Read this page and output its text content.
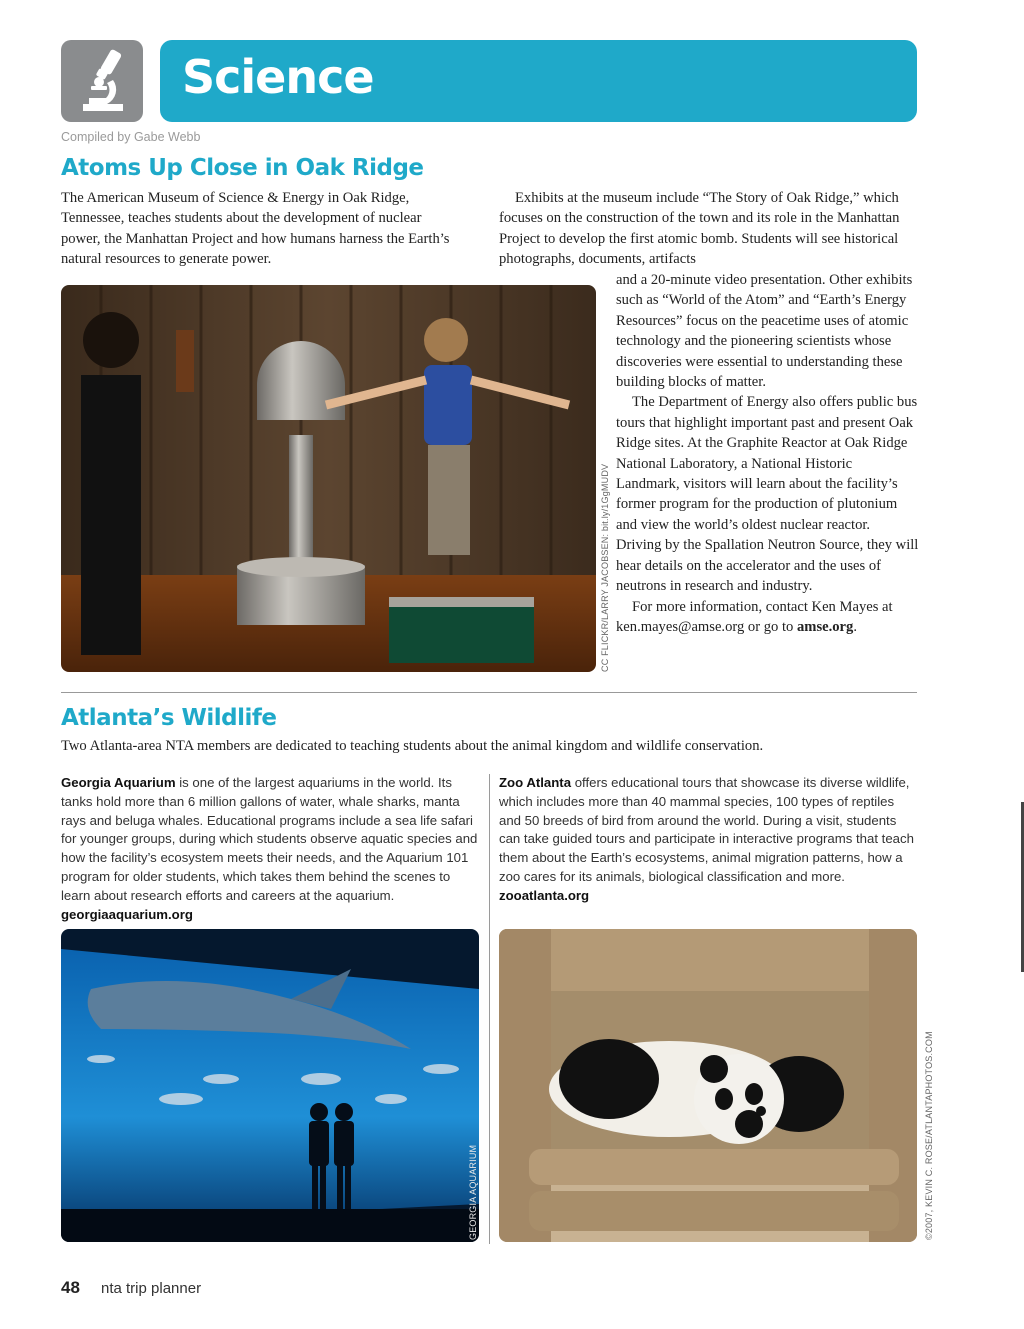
Science
Compiled by Gabe Webb
Atoms Up Close in Oak Ridge

The American Museum of Science & Energy in Oak Ridge, Tennessee, teaches students about the development of nuclear power, the Manhattan Project and how humans harness the Earth’s natural resources to generate power.

Exhibits at the museum include “The Story of Oak Ridge,” which focuses on the construction of the town and its role in the Manhattan Project to develop the first atomic bomb. Students will see historical photographs, documents, artifacts

and a 20-minute video presentation. Other exhibits such as “World of the Atom” and “Earth’s Energy Resources” focus on the peacetime uses of atomic technology and the pioneering scientists whose discoveries were essential to understanding these building blocks of matter.

The Department of Energy also offers public bus tours that highlight important past and present Oak Ridge sites. At the Graphite Reactor at Oak Ridge National Laboratory, a National Historic Landmark, visitors will learn about the facility’s former program for the production of plutonium and view the world’s oldest nuclear reactor. Driving by the Spallation Neutron Source, they will hear details on the accelerator and the uses of neutrons in research and industry.

For more information, contact Ken Mayes at ken.mayes@amse.org or go to amse.org.

CC FLICKR/LARRY JACOBSEN: bit.ly/1GgMUDV
Atlanta’s Wildlife
Two Atlanta-area NTA members are dedicated to teaching students about the animal kingdom and wildlife conservation.
Georgia Aquarium is one of the largest aquariums in the world. Its tanks hold more than 6 million gallons of water, whale sharks, manta rays and beluga whales. Educational programs include a sea life safari for younger groups, during which students observe aquatic species and how the facility’s ecosystem meets their needs, and the Aquarium 101 program for older students, which takes them behind the scenes to learn about research efforts and careers at the aquarium. georgiaaquarium.org
Zoo Atlanta offers educational tours that showcase its diverse wildlife, which includes more than 40 mammal species, 100 types of reptiles and 50 breeds of bird from around the world. During a visit, students can take guided tours and participate in interactive programs that teach them about the Earth’s ecosystems, animal migration patterns, how a zoo cares for its animals, biological classification and more. zooatlanta.org
GEORGIA AQUARIUM	©2007, KEVIN C. ROSE/ATLANTAPHOTOS.COM
48 nta trip planner
